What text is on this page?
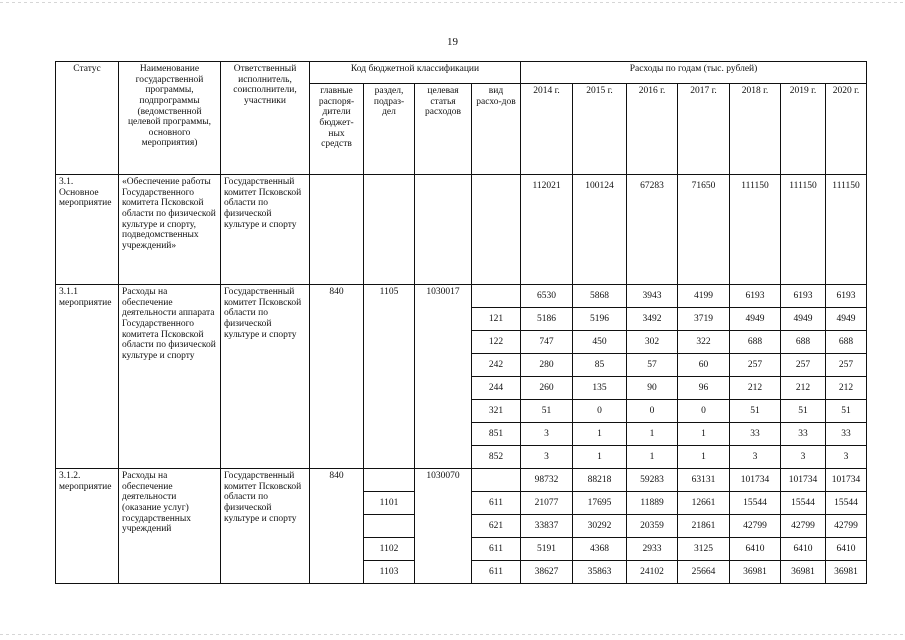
19
Статус	Наименование государственной программы, подпрограммы (ведомственной целевой программы, основного мероприятия)	Ответственный исполнитель, соисполнители, участники	Код бюджетной классификации				Расходы по годам (тыс. рублей)						
			главные распоря-дители бюджет-ных средств	раздел, подраз-дел	целевая статья расходов	вид расхо-дов	2014 г.	2015 г.	2016 г.	2017 г.	2018 г.	2019 г.	2020 г.
3.1. Основное мероприятие	«Обеспечение работы Государственного комитета Псковской области по физической культуре и спорту, подведомственных учреждений»	Государственный комитет Псковской области по физической культуре и спорту					112021	100124	67283	71650	111150	111150	111150
3.1.1 мероприятие	Расходы на обеспечение деятельности аппарата Государственного комитета Псковской области по физической культуре и спорту	Государственный комитет Псковской области по физической культуре и спорту	840	1105	1030017		6530	5868	3943	4199	6193	6193	6193
						121	5186	5196	3492	3719	4949	4949	4949
						122	747	450	302	322	688	688	688
						242	280	85	57	60	257	257	257
						244	260	135	90	96	212	212	212
						321	51	0	0	0	51	51	51
						851	3	1	1	1	33	33	33
						852	3	1	1	1	3	3	3
3.1.2. мероприятие	Расходы на обеспечение деятельности (оказание услуг) государственных учреждений	Государственный комитет Псковской области по физической культуре и спорту	840		1030070		98732	88218	59283	63131	101734	101734	101734
				1101		611	21077	17695	11889	12661	15544	15544	15544
						621	33837	30292	20359	21861	42799	42799	42799
				1102		611	5191	4368	2933	3125	6410	6410	6410
				1103		611	38627	35863	24102	25664	36981	36981	36981
